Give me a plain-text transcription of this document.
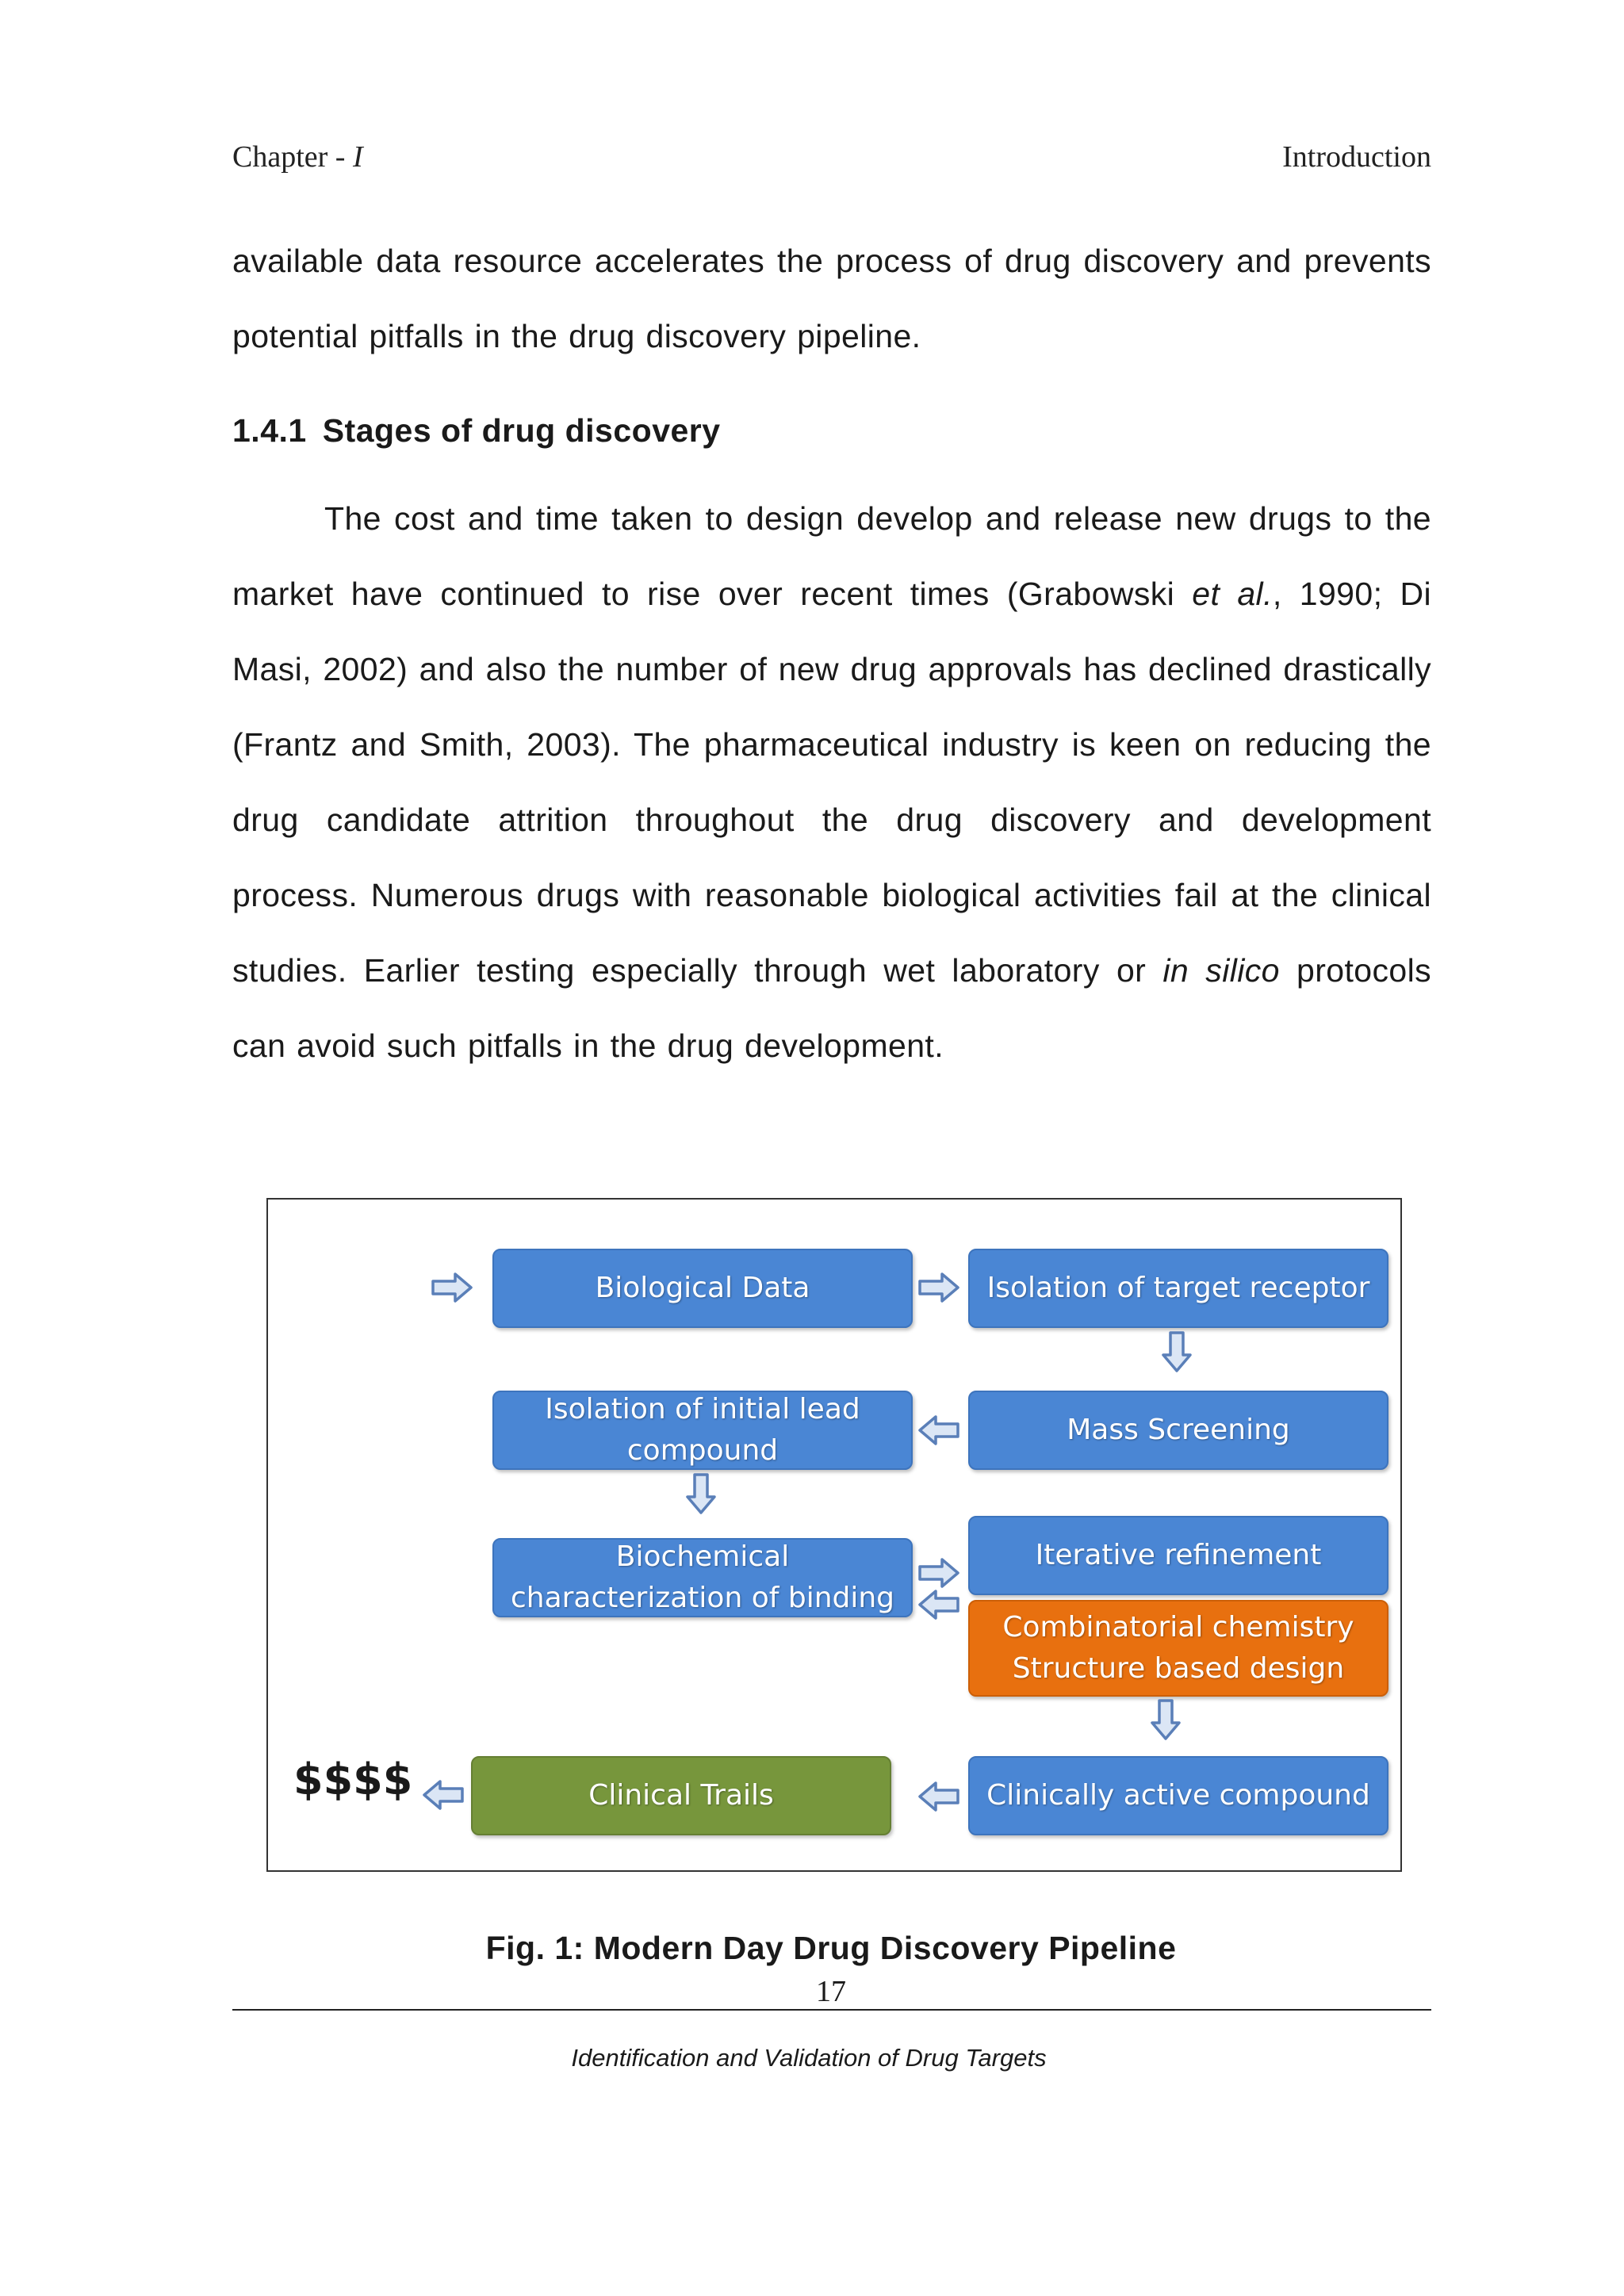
Chapter - I	Introduction
available data resource accelerates the process of drug discovery and prevents potential pitfalls in the drug discovery pipeline.
1.4.1 Stages of drug discovery
The cost and time taken to design develop and release new drugs to the market have continued to rise over recent times (Grabowski et al., 1990; Di Masi, 2002) and also the number of new drug approvals has declined drastically (Frantz and Smith, 2003). The pharmaceutical industry is keen on reducing the drug candidate attrition throughout the drug discovery and development process. Numerous drugs with reasonable biological activities fail at the clinical studies. Earlier testing especially through wet laboratory or in silico protocols can avoid such pitfalls in the drug development.
Biological Data	Isolation of target receptor
Mass Screening
Isolation of initial lead
compound
Biochemical
characterization of binding
Iterative refinement
Combinatorial chemistry
Structure based design
Clinically active compound
Clinical Trails
$$$$
Fig. 1: Modern Day Drug Discovery Pipeline
17
Identification and Validation of Drug Targets
